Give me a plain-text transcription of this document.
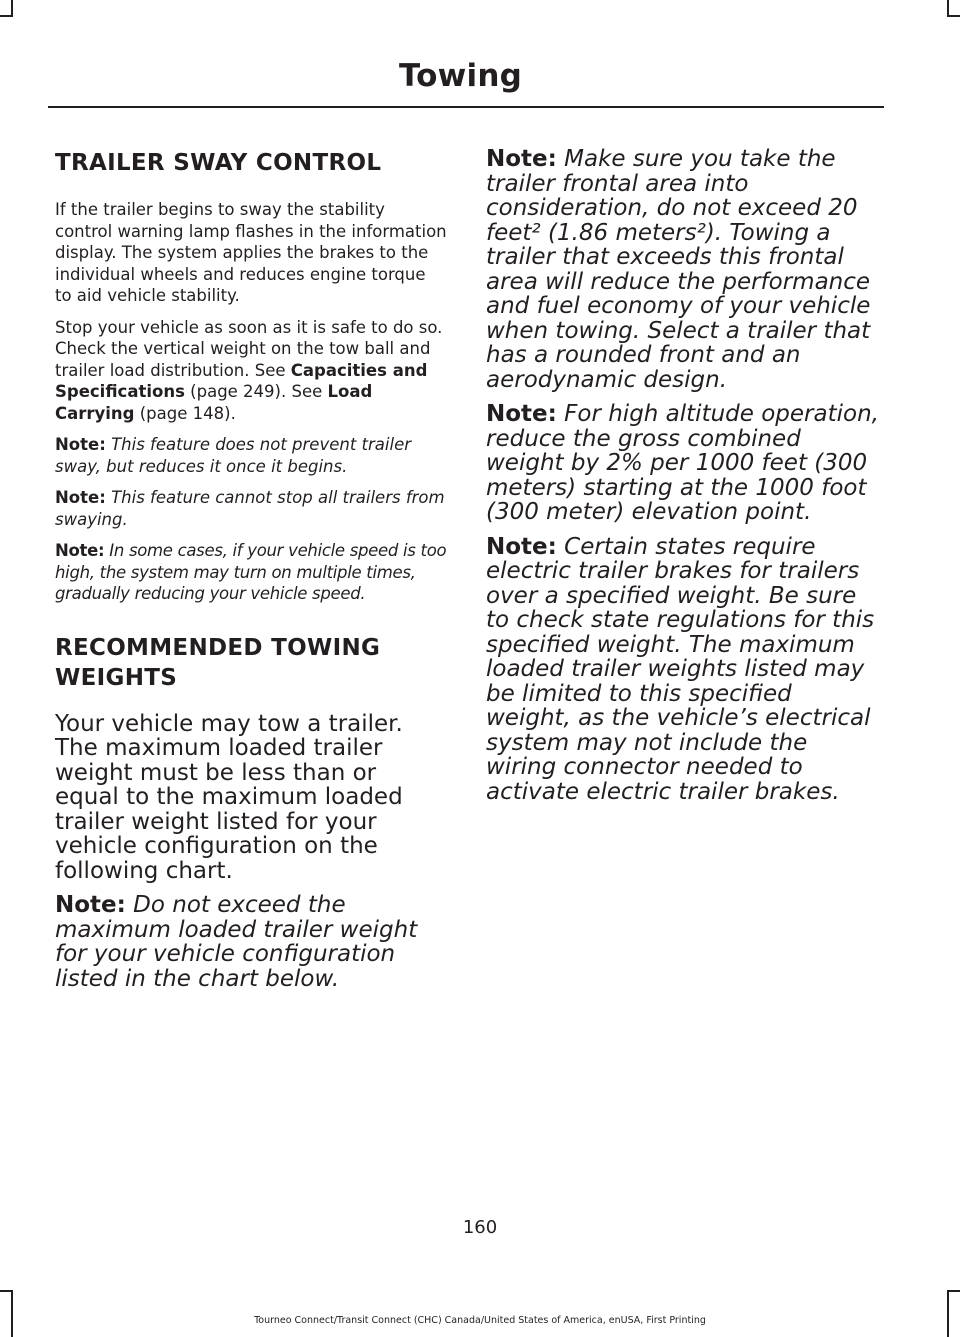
Towing
TRAILER SWAY CONTROL

If the trailer begins to sway the stability control warning lamp flashes in the information display. The system applies the brakes to the individual wheels and reduces engine torque to aid vehicle stability.

Stop your vehicle as soon as it is safe to do so. Check the vertical weight on the tow ball and trailer load distribution. See Capacities and Specifications (page 249). See Load Carrying (page 148).

Note: This feature does not prevent trailer sway, but reduces it once it begins.

Note: This feature cannot stop all trailers from swaying.

Note: In some cases, if your vehicle speed is too high, the system may turn on multiple times, gradually reducing your vehicle speed.

RECOMMENDED TOWING
WEIGHTS

Your vehicle may tow a trailer. The maximum loaded trailer weight must be less than or equal to the maximum loaded trailer weight listed for your vehicle configuration on the following chart.

Note: Do not exceed the maximum loaded trailer weight for your vehicle configuration listed in the chart below.

Note: Make sure you take the trailer frontal area into consideration, do not exceed 20 feet² (1.86 meters²). Towing a trailer that exceeds this frontal area will reduce the performance and fuel economy of your vehicle when towing. Select a trailer that has a rounded front and an aerodynamic design.

Note: For high altitude operation, reduce the gross combined weight by 2% per 1000 feet (300 meters) starting at the 1000 foot (300 meter) elevation point.

Note: Certain states require electric trailer brakes for trailers over a specified weight. Be sure to check state regulations for this specified weight. The maximum loaded trailer weights listed may be limited to this specified weight, as the vehicle’s electrical system may not include the wiring connector needed to activate electric trailer brakes.

160
Tourneo Connect/Transit Connect (CHC) Canada/United States of America, enUSA, First Printing
